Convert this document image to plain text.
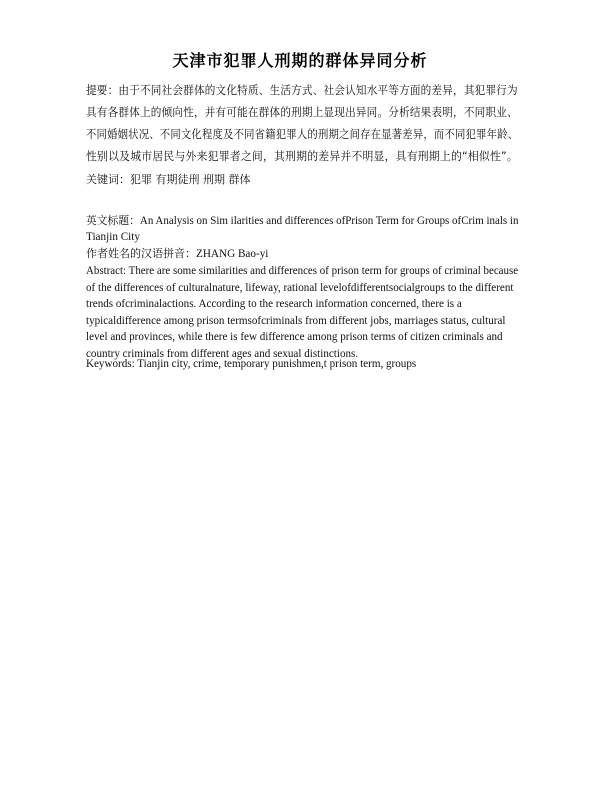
天津市犯罪人刑期的群体异同分析
提要：由于不同社会群体的文化特质、生活方式、社会认知水平等方面的差异，其犯罪行为
具有各群体上的倾向性，并有可能在群体的刑期上显现出异同。分析结果表明，不同职业、
不同婚姻状况、不同文化程度及不同省籍犯罪人的刑期之间存在显著差异，而不同犯罪年龄、
性别以及城市居民与外来犯罪者之间，其刑期的差异并不明显，具有刑期上的“相似性”。
关键词：犯罪 有期徒刑 刑期 群体
英文标题：An Analysis on Sim ilarities and differences ofPrison Term for Groups ofCrim inals in
Tianjin City
作者姓名的汉语拼音：ZHANG Bao-yi
Abstract: There are some similarities and differences of prison term for groups of criminal because
of the differences of culturalnature, lifeway, rational levelofdifferentsocialgroups to the different
trends ofcriminalactions. According to the research information concerned, there is a
typicaldifference among prison termsofcriminals from different jobs, marriages status, cultural
level and provinces, while there is few difference among prison terms of citizen criminals and
country criminals from different ages and sexual distinctions.
Keywords: Tianjin city, crime, temporary punishmen,t prison term, groups
